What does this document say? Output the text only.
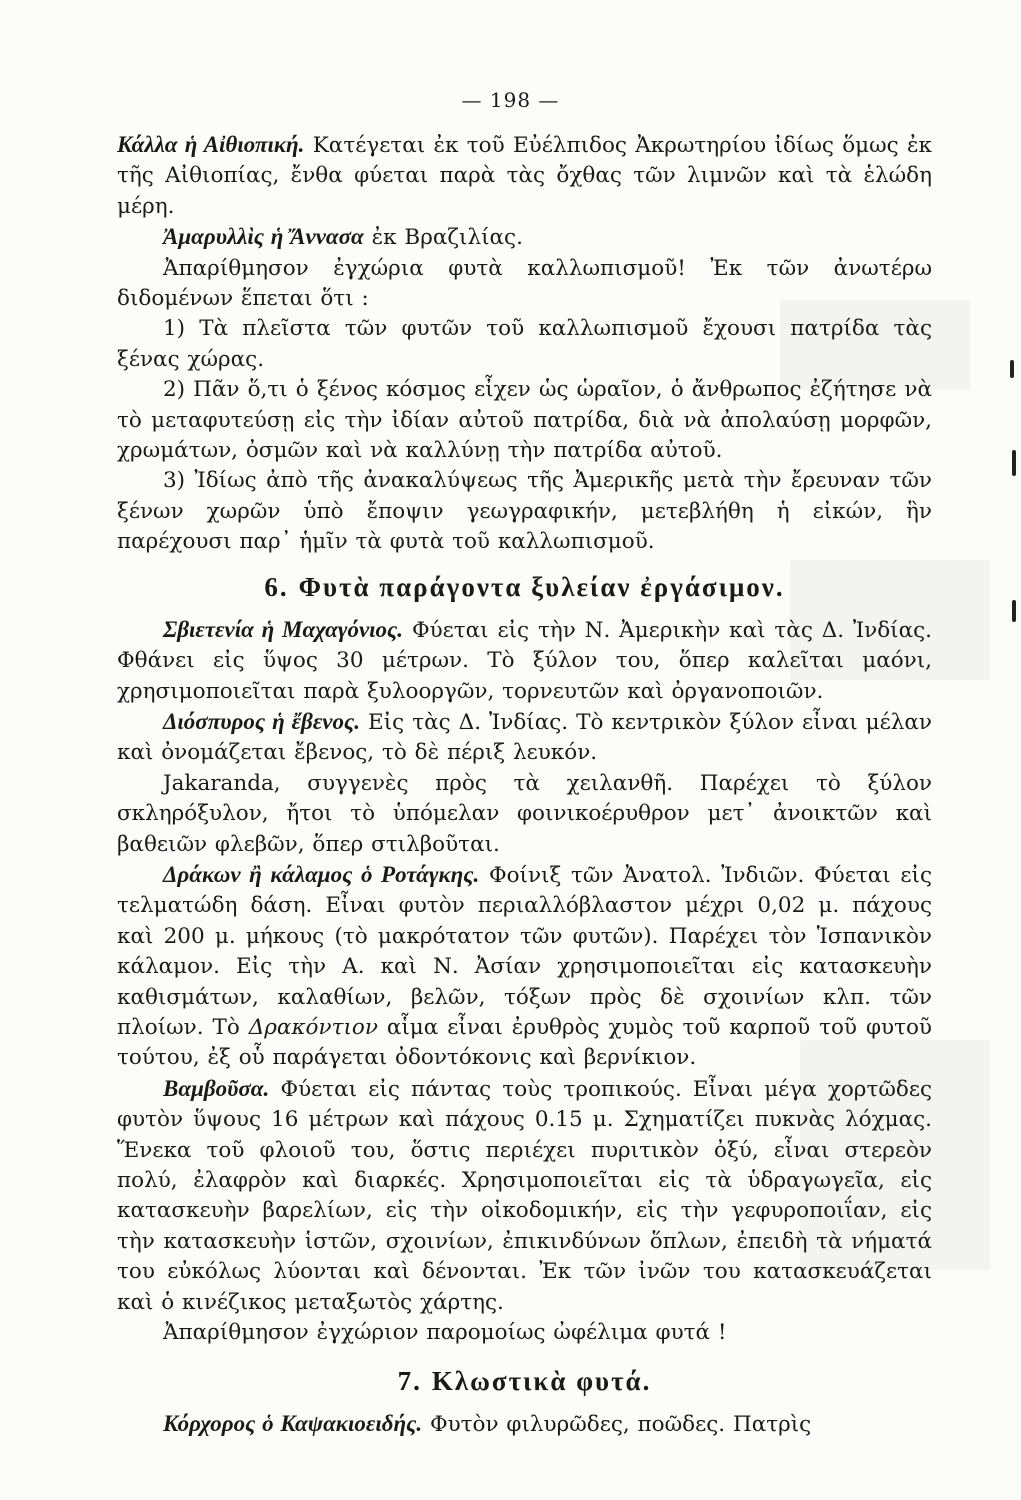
— 198 —

Κάλλα ἡ Αἰθιοπική. Κατέγεται ἐκ τοῦ Εὐέλπιδος Ἀκρωτηρίου ἰδίως ὅμως ἐκ τῆς Αἰθιοπίας, ἔνθα φύεται παρὰ τὰς ὄχθας τῶν λιμνῶν καὶ τὰ ἑλώδη μέρη.

Ἀμαρυλλὶς ἡ Ἄννασα ἐκ Βραζιλίας.

Ἀπαρίθμησον ἐγχώρια φυτὰ καλλωπισμοῦ! Ἐκ τῶν ἀνωτέρω διδομένων ἕπεται ὅτι :

1) Τὰ πλεῖστα τῶν φυτῶν τοῦ καλλωπισμοῦ ἔχουσι πατρίδα τὰς ξένας χώρας.

2) Πᾶν ὅ,τι ὁ ξένος κόσμος εἶχεν ὡς ὡραῖον, ὁ ἄνθρωπος ἐζήτησε νὰ τὸ μεταφυτεύσῃ εἰς τὴν ἰδίαν αὐτοῦ πατρίδα, διὰ νὰ ἀπολαύσῃ μορφῶν, χρωμάτων, ὀσμῶν καὶ νὰ καλλύνῃ τὴν πατρίδα αὐτοῦ.

3) Ἰδίως ἀπὸ τῆς ἀνακαλύψεως τῆς Ἀμερικῆς μετὰ τὴν ἔρευναν τῶν ξένων χωρῶν ὑπὸ ἔποψιν γεωγραφικήν, μετεβλήθη ἡ εἰκών, ἣν παρέχουσι παρ᾿ ἡμῖν τὰ φυτὰ τοῦ καλλωπισμοῦ.

6. Φυτὰ παράγοντα ξυλείαν ἐργάσιμον.

Σβιετενία ἡ Μαχαγόνιος. Φύεται εἰς τὴν Ν. Ἀμερικὴν καὶ τὰς Δ. Ἰνδίας. Φθάνει εἰς ὕψος 30 μέτρων. Τὸ ξύλον του, ὅπερ καλεῖται μαόνι, χρησιμοποιεῖται παρὰ ξυλοοργῶν, τορνευτῶν καὶ ὀργανοποιῶν.

Διόσπυρος ἡ ἔβενος. Εἰς τὰς Δ. Ἰνδίας. Τὸ κεντρικὸν ξύλον εἶναι μέλαν καὶ ὀνομάζεται ἔβενος, τὸ δὲ πέριξ λευκόν.

Jakaranda, συγγενὲς πρὸς τὰ χειλανθῆ. Παρέχει τὸ ξύλον σκληρόξυλον, ἤτοι τὸ ὑπόμελαν φοινικοέρυθρον μετ᾿ ἀνοικτῶν καὶ βαθειῶν φλεβῶν, ὅπερ στιλβοῦται.

Δράκων ἢ κάλαμος ὁ Ροτάγκης. Φοίνιξ τῶν Ἀνατολ. Ἰνδιῶν. Φύεται εἰς τελματώδη δάση. Εἶναι φυτὸν περιαλλόβλαστον μέχρι 0,02 μ. πάχους καὶ 200 μ. μήκους (τὸ μακρότατον τῶν φυτῶν). Παρέχει τὸν Ἱσπανικὸν κάλαμον. Εἰς τὴν Α. καὶ Ν. Ἀσίαν χρησιμοποιεῖται εἰς κατασκευὴν καθισμάτων, καλαθίων, βελῶν, τόξων πρὸς δὲ σχοινίων κλπ. τῶν πλοίων. Τὸ Δρακόντιον αἷμα εἶναι ἐρυθρὸς χυμὸς τοῦ καρποῦ τοῦ φυτοῦ τούτου, ἐξ οὗ παράγεται ὀδοντόκονις καὶ βερνίκιον.

Βαμβοῦσα. Φύεται εἰς πάντας τοὺς τροπικούς. Εἶναι μέγα χορτῶδες φυτὸν ὕψους 16 μέτρων καὶ πάχους 0.15 μ. Σχηματίζει πυκνὰς λόχμας. Ἕνεκα τοῦ φλοιοῦ του, ὅστις περιέχει πυριτικὸν ὀξύ, εἶναι στερεὸν πολύ, ἐλαφρὸν καὶ διαρκές. Χρησιμοποιεῖται εἰς τὰ ὑδραγωγεῖα, εἰς κατασκευὴν βαρελίων, εἰς τὴν οἰκοδομικήν, εἰς τὴν γεφυροποιΐαν, εἰς τὴν κατασκευὴν ἱστῶν, σχοινίων, ἐπικινδύνων ὅπλων, ἐπειδὴ τὰ νήματά του εὐκόλως λύονται καὶ δένονται. Ἐκ τῶν ἰνῶν του κατασκευάζεται καὶ ὁ κινέζικος μεταξωτὸς χάρτης.

Ἀπαρίθμησον ἐγχώριον παρομοίως ὠφέλιμα φυτά !

7. Κλωστικὰ φυτά.

Κόρχορος ὁ Καψακιοειδής. Φυτὸν φιλυρῶδες, ποῶδες. Πατρὶς
